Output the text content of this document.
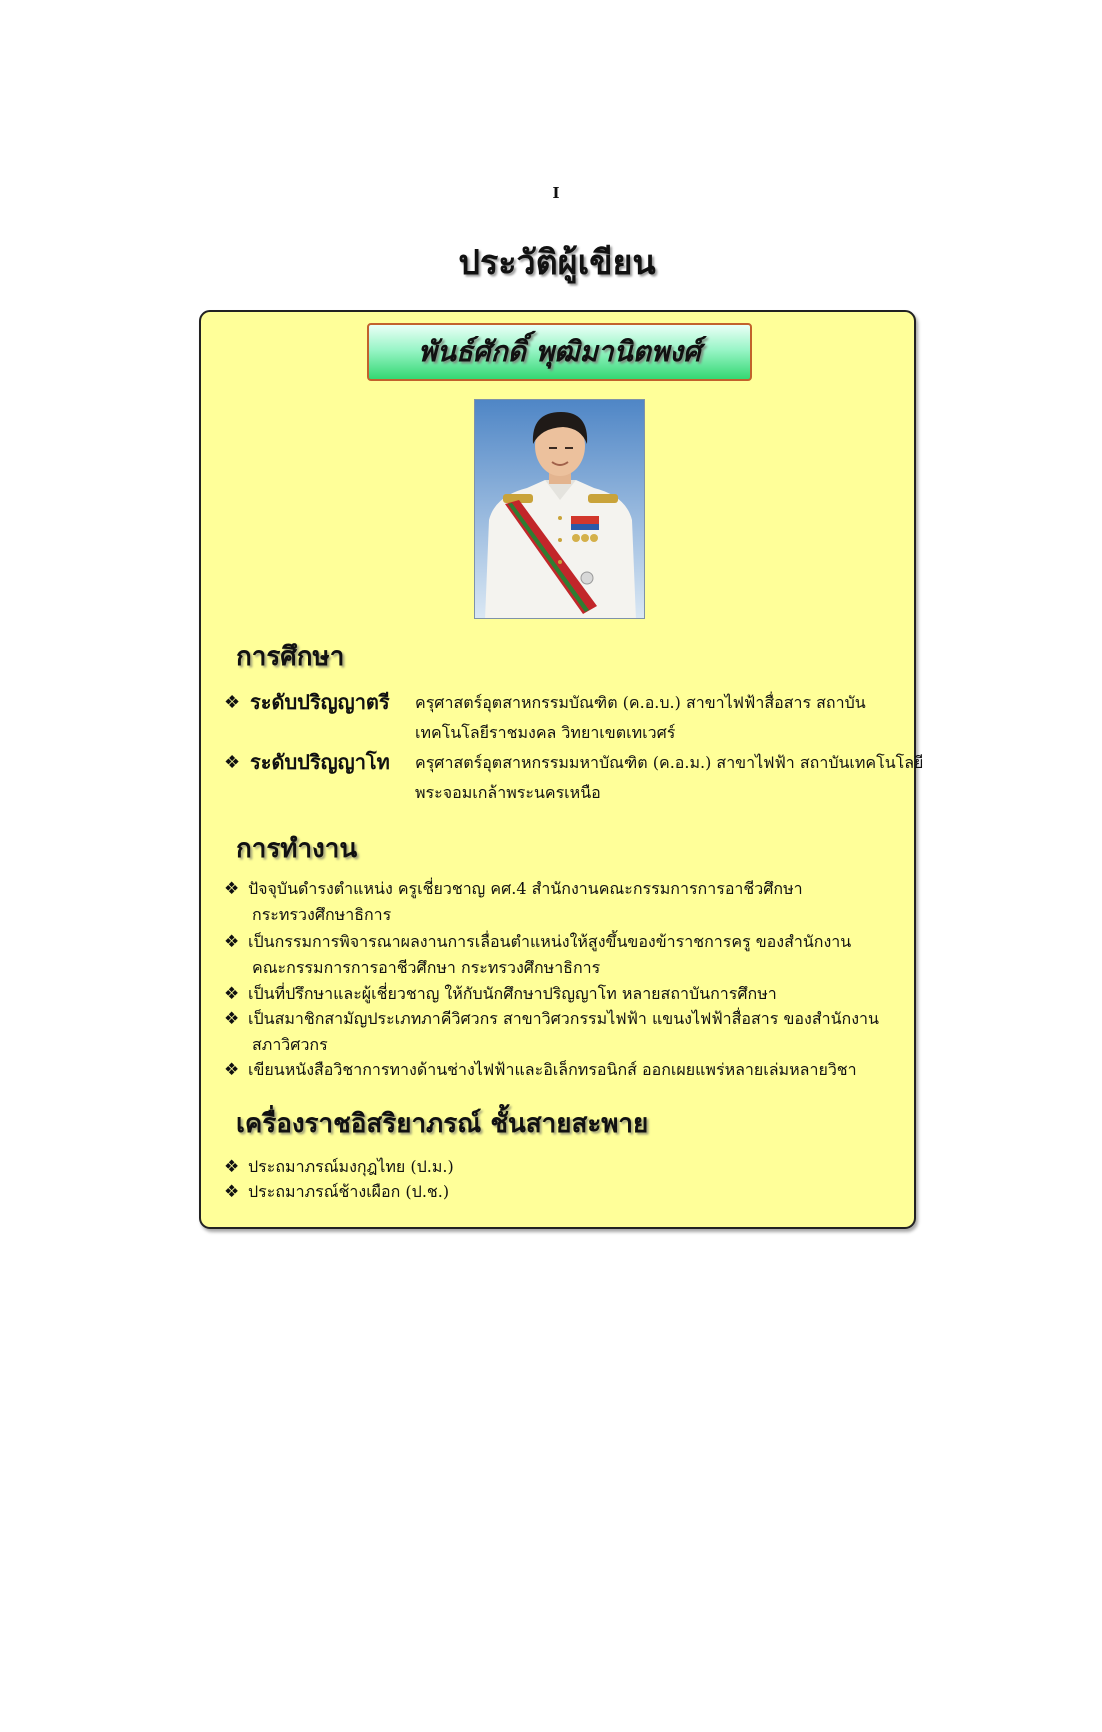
I
ประวัติผู้เขียน
พันธ์ศักดิ์ พุฒิมานิตพงศ์
การศึกษา
❖ ระดับปริญญาตรี ครุศาสตร์อุตสาหกรรมบัณฑิต (ค.อ.บ.) สาขาไฟฟ้าสื่อสาร สถาบัน
เทคโนโลยีราชมงคล วิทยาเขตเทเวศร์
❖ ระดับปริญญาโท ครุศาสตร์อุตสาหกรรมมหาบัณฑิต (ค.อ.ม.) สาขาไฟฟ้า สถาบันเทคโนโลยี
พระจอมเกล้าพระนครเหนือ
การทำงาน
❖ ปัจจุบันดำรงตำแหน่ง ครูเชี่ยวชาญ คศ.4 สำนักงานคณะกรรมการการอาชีวศึกษา
กระทรวงศึกษาธิการ
❖ เป็นกรรมการพิจารณาผลงานการเลื่อนตำแหน่งให้สูงขึ้นของข้าราชการครู ของสำนักงาน
คณะกรรมการการอาชีวศึกษา กระทรวงศึกษาธิการ
❖ เป็นที่ปรึกษาและผู้เชี่ยวชาญ ให้กับนักศึกษาปริญญาโท หลายสถาบันการศึกษา
❖ เป็นสมาชิกสามัญประเภทภาคีวิศวกร สาขาวิศวกรรมไฟฟ้า แขนงไฟฟ้าสื่อสาร ของสำนักงาน
สภาวิศวกร
❖ เขียนหนังสือวิชาการทางด้านช่างไฟฟ้าและอิเล็กทรอนิกส์ ออกเผยแพร่หลายเล่มหลายวิชา
เครื่องราชอิสริยาภรณ์ ชั้นสายสะพาย
❖ ประถมาภรณ์มงกุฎไทย (ป.ม.)
❖ ประถมาภรณ์ช้างเผือก (ป.ช.)
